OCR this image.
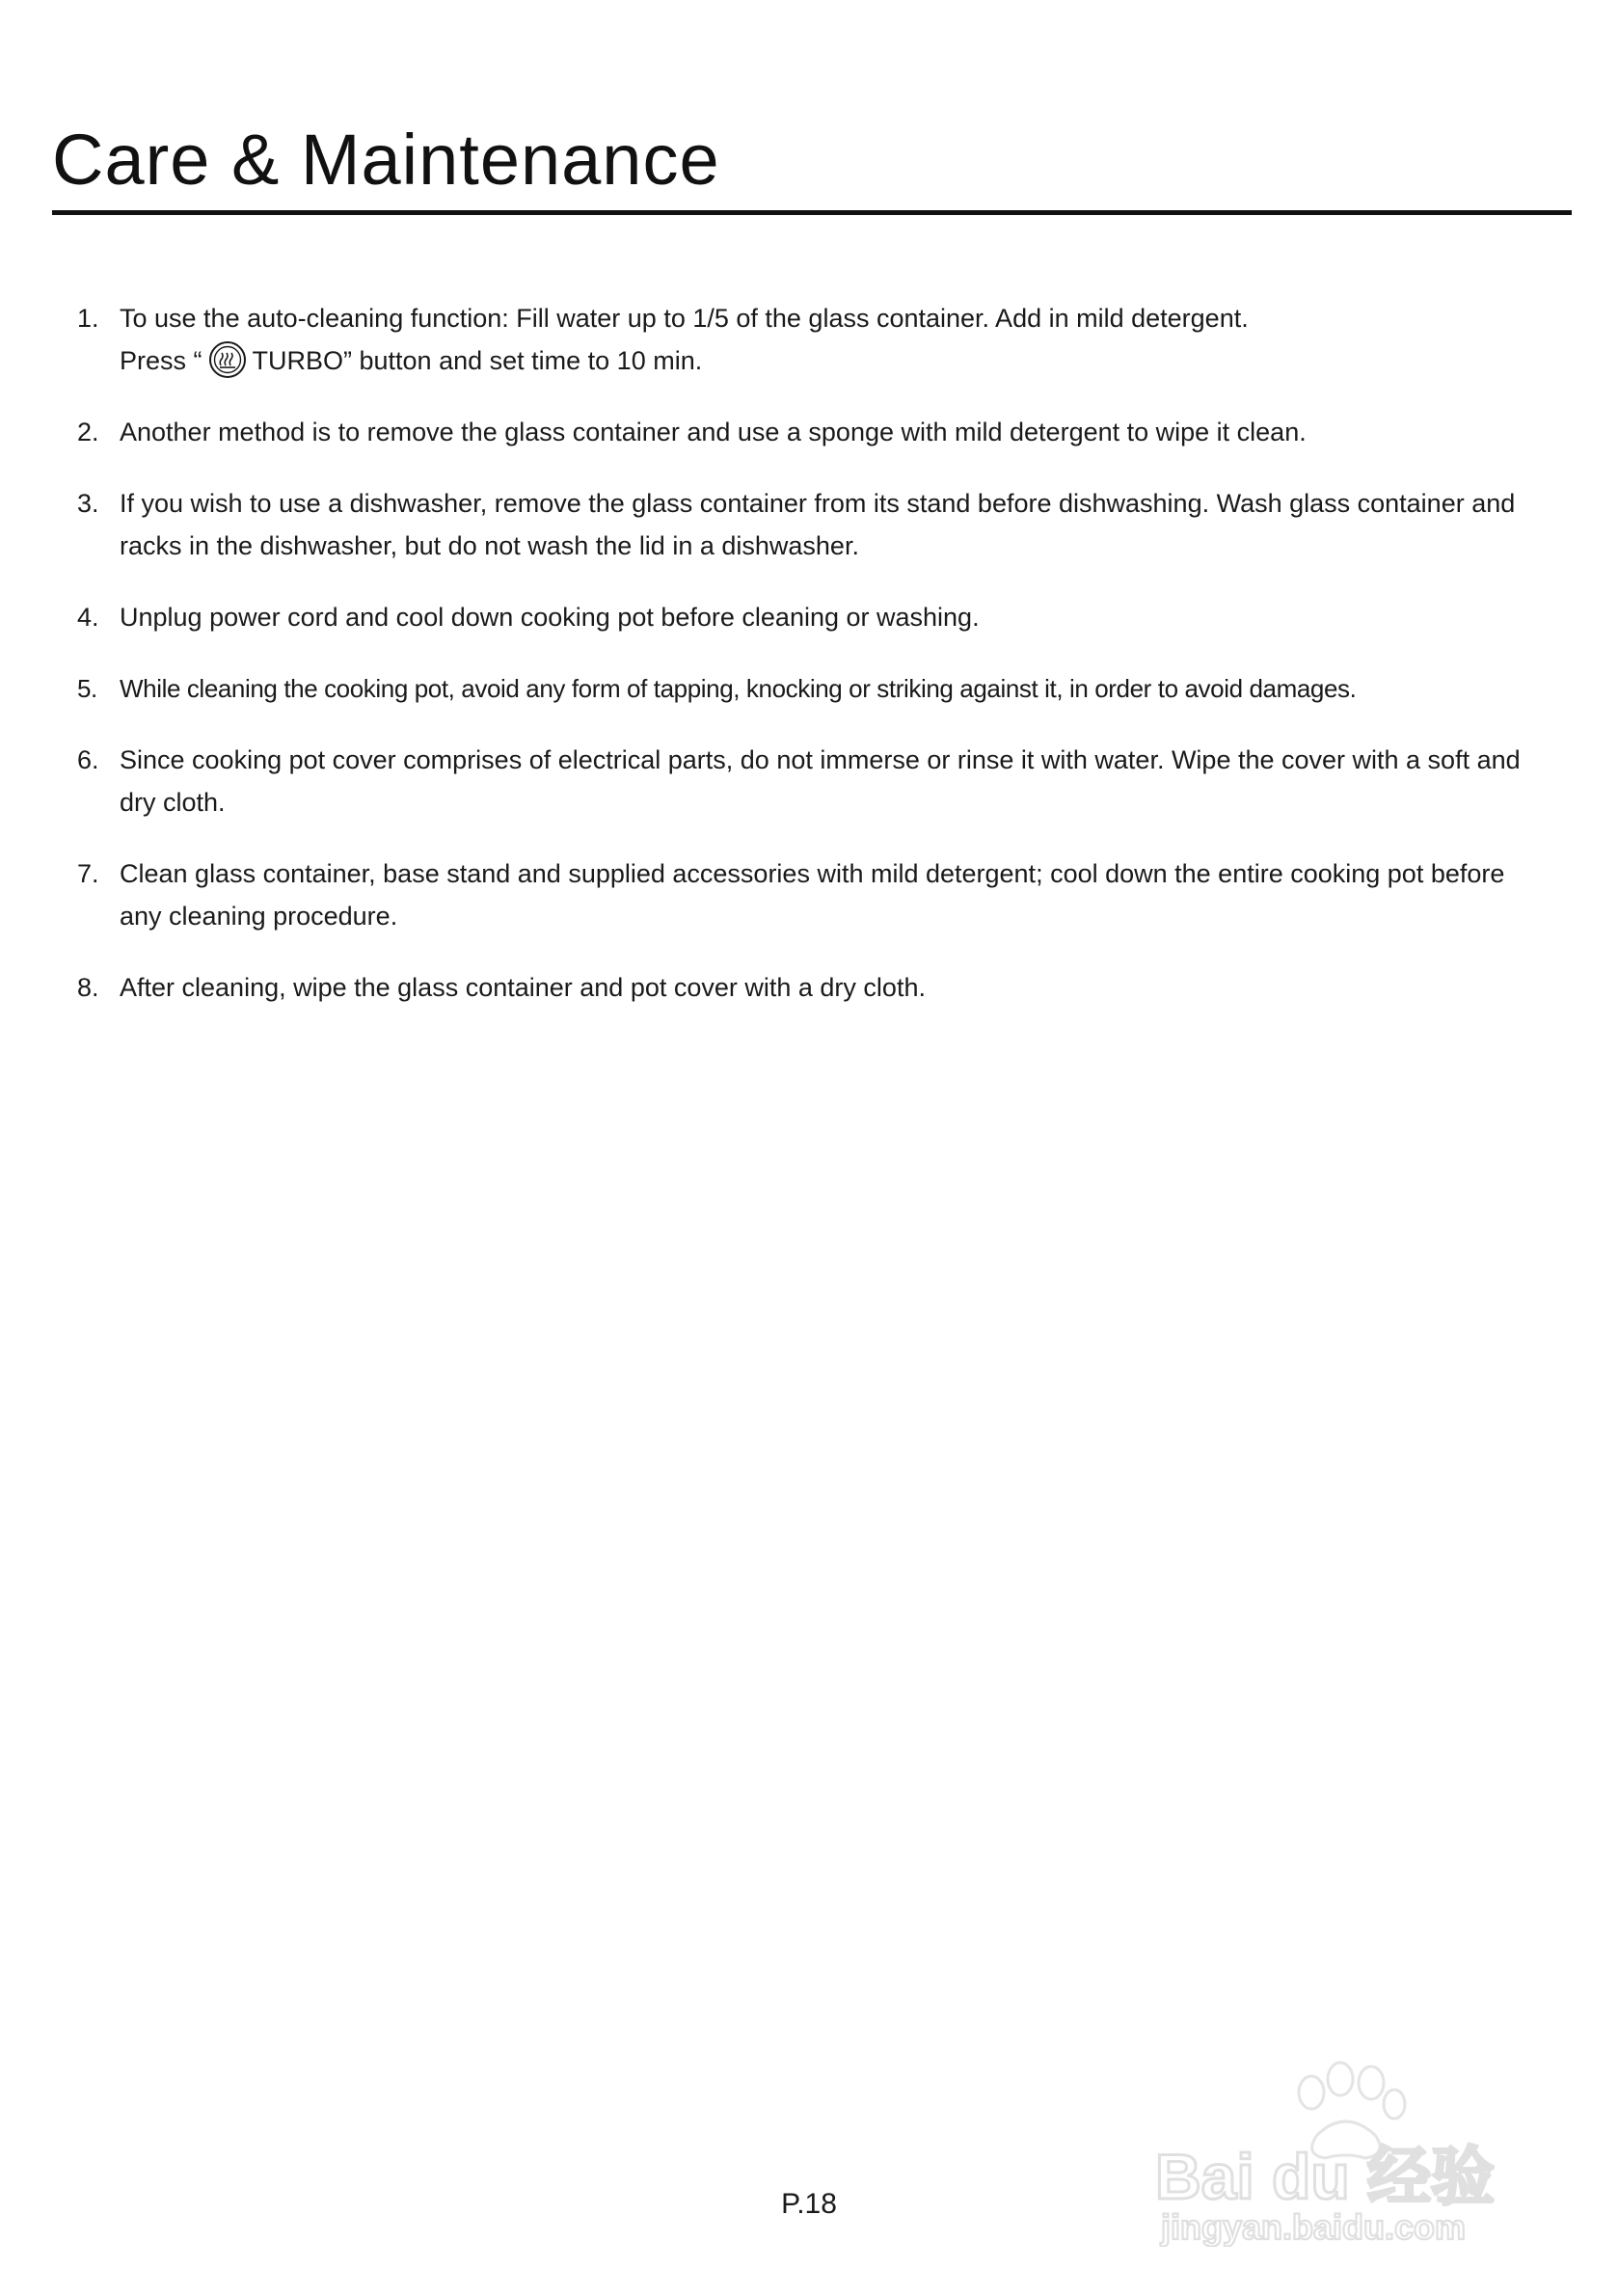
Care & Maintenance
1. To use the auto-cleaning function: Fill water up to 1/5 of the glass container. Add in mild detergent.
Press “ TURBO” button and set time to 10 min.
2. Another method is to remove the glass container and use a sponge with mild detergent to wipe it clean.
3. If you wish to use a dishwasher, remove the glass container from its stand before dishwashing. Wash glass container and racks in the dishwasher, but do not wash the lid in a dishwasher.
4. Unplug power cord and cool down cooking pot before cleaning or washing.
5. While cleaning the cooking pot, avoid any form of tapping, knocking or striking against it, in order to avoid damages.
6. Since cooking pot cover comprises of electrical parts, do not immerse or rinse it with water. Wipe the cover with a soft and dry cloth.
7. Clean glass container, base stand and supplied accessories with mild detergent; cool down the entire cooking pot before any cleaning procedure.
8. After cleaning, wipe the glass container and pot cover with a dry cloth.
P.18	Bai du 经验
jingyan.baidu.com
